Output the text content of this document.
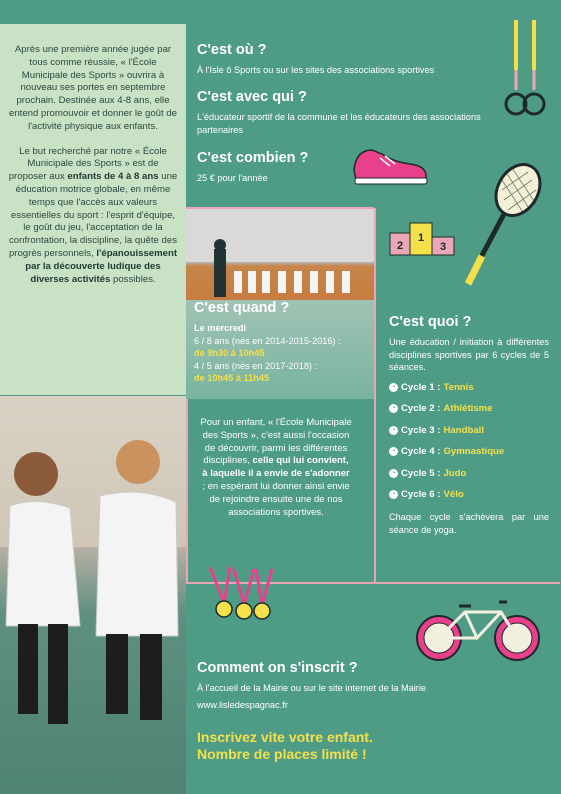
Après une première année jugée par tous comme réussie, « l'École Municipale des Sports » ouvrira à nouveau ses portes en septembre prochain. Destinée aux 4-8 ans, elle entend promouvoir et donner le goût de l'activité physique aux enfants.

Le but recherché par notre « École Municipale des Sports » est de proposer aux enfants de 4 à 8 ans une éducation motrice globale, en même temps que l'accès aux valeurs essentielles du sport : l'esprit d'équipe, le goût du jeu, l'acceptation de la confrontation, la discipline, la quête des progrès personnels, l'épanouissement par la découverte ludique des diverses activités possibles.

C'est où ?

À l'Isle ô Sports ou sur les sites des associations sportives

C'est avec qui ?

L'éducateur sportif de la commune et les éducateurs des associations partenaires

C'est combien ?

25 € pour l'année
2
1
3

C'est quand ?

Le mercredi
6 / 8 ans (nés en 2014-2015-2016) :
de 9h30 à 10h45
4 / 5 ans (nés en 2017-2018) :
de 10h45 à 11h45

C'est quoi ?

Une éducation / initiation à différentes disciplines sportives par 6 cycles de 5 séances.
◔ Cycle 1 : Tennis
◔ Cycle 2 : Athlétisme
◔ Cycle 3 : Handball
◔ Cycle 4 : Gymnastique
◔ Cycle 5 : Judo
◔ Cycle 6 : Vélo
Chaque cycle s'achèvera par une séance de yoga.
Pour un enfant, « l'École Municipale des Sports », c'est aussi l'occasion de découvrir, parmi les différentes disciplines, celle qui lui convient, à laquelle il a envie de s'adonner ; en espérant lui donner ainsi envie de rejoindre ensuite une de nos associations sportives.

Comment on s'inscrit ?

À l'accueil de la Mairie ou sur le site internet de la Mairie
www.lisledespagnac.fr
Inscrivez vite votre enfant.
Nombre de places limité !
